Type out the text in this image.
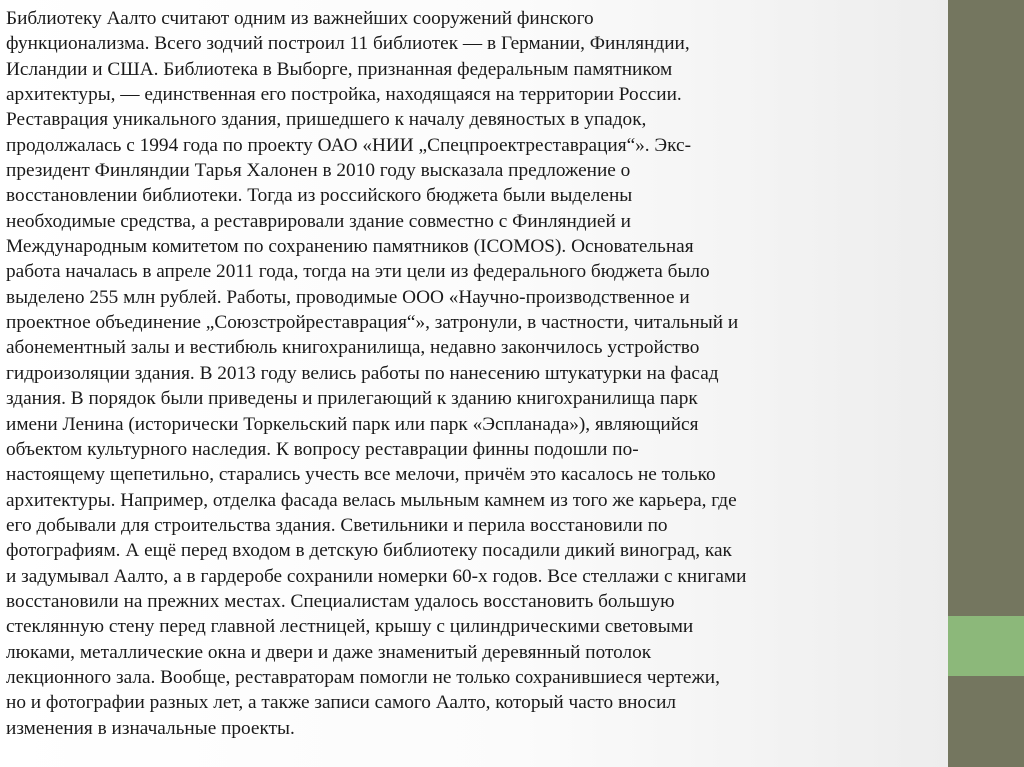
Библиотеку Аалто считают одним из важнейших сооружений финского
функционализма. Всего зодчий построил 11 библиотек — в Германии, Финляндии,
Исландии и США. Библиотека в Выборге, признанная федеральным памятником
архитектуры, — единственная его постройка, находящаяся на территории России.
Реставрация уникального здания, пришедшего к началу девяностых в упадок,
продолжалась с 1994 года по проекту ОАО «НИИ „Спецпроектреставрация“». Экс-
президент Финляндии Тарья Халонен в 2010 году высказала предложение о
восстановлении библиотеки. Тогда из российского бюджета были выделены
необходимые средства, а реставрировали здание совместно с Финляндией и
Международным комитетом по сохранению памятников (ICOMOS). Основательная
работа началась в апреле 2011 года, тогда на эти цели из федерального бюджета было
выделено 255 млн рублей. Работы, проводимые ООО «Научно-производственное и
проектное объединение „Союзстройреставрация“», затронули, в частности, читальный и
абонементный залы и вестибюль книгохранилища, недавно закончилось устройство
гидроизоляции здания. В 2013 году велись работы по нанесению штукатурки на фасад
здания. В порядок были приведены и прилегающий к зданию книгохранилища парк
имени Ленина (исторически Торкельский парк или парк «Эспланада»), являющийся
объектом культурного наследия. К вопросу реставрации финны подошли по-
настоящему щепетильно, старались учесть все мелочи, причём это касалось не только
архитектуры. Например, отделка фасада велась мыльным камнем из того же карьера, где
его добывали для строительства здания. Светильники и перила восстановили по
фотографиям. А ещё перед входом в детскую библиотеку посадили дикий виноград, как
и задумывал Аалто, а в гардеробе сохранили номерки 60-х годов. Все стеллажи с книгами
восстановили на прежних местах. Специалистам удалось восстановить большую
стеклянную стену перед главной лестницей, крышу с цилиндрическими световыми
люками, металлические окна и двери и даже знаменитый деревянный потолок
лекционного зала. Вообще, реставраторам помогли не только сохранившиеся чертежи,
но и фотографии разных лет, а также записи самого Аалто, который часто вносил
изменения в изначальные проекты.
